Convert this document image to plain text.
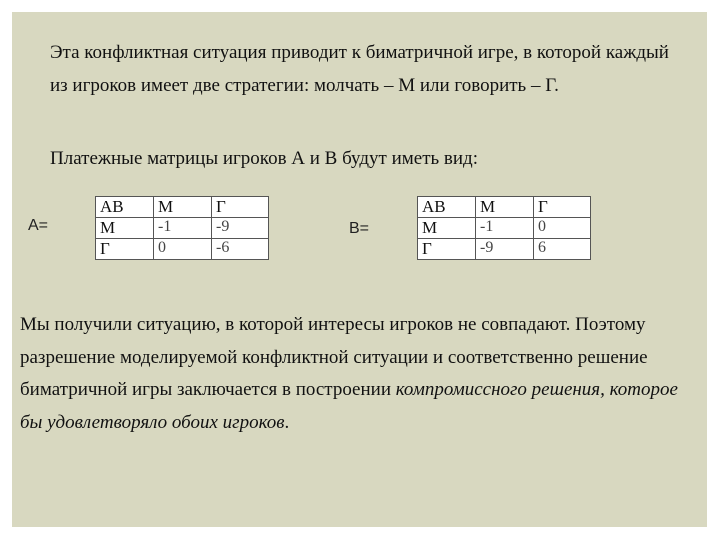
Эта конфликтная ситуация приводит к биматричной игре, в которой каждый из игроков имеет две стратегии: молчать – М или говорить – Г.

Платежные матрицы игроков А и В будут иметь вид:

A=
AB	M	Г
M	-1	-9
Г	0	-6
B=
AB	M	Г
M	-1	0
Г	-9	6

Мы получили ситуацию, в которой интересы игроков не совпадают. Поэтому разрешение моделируемой конфликтной ситуации и соответственно решение биматричной игры заключается в построении компромиссного решения, которое бы удовлетворяло обоих игроков.
